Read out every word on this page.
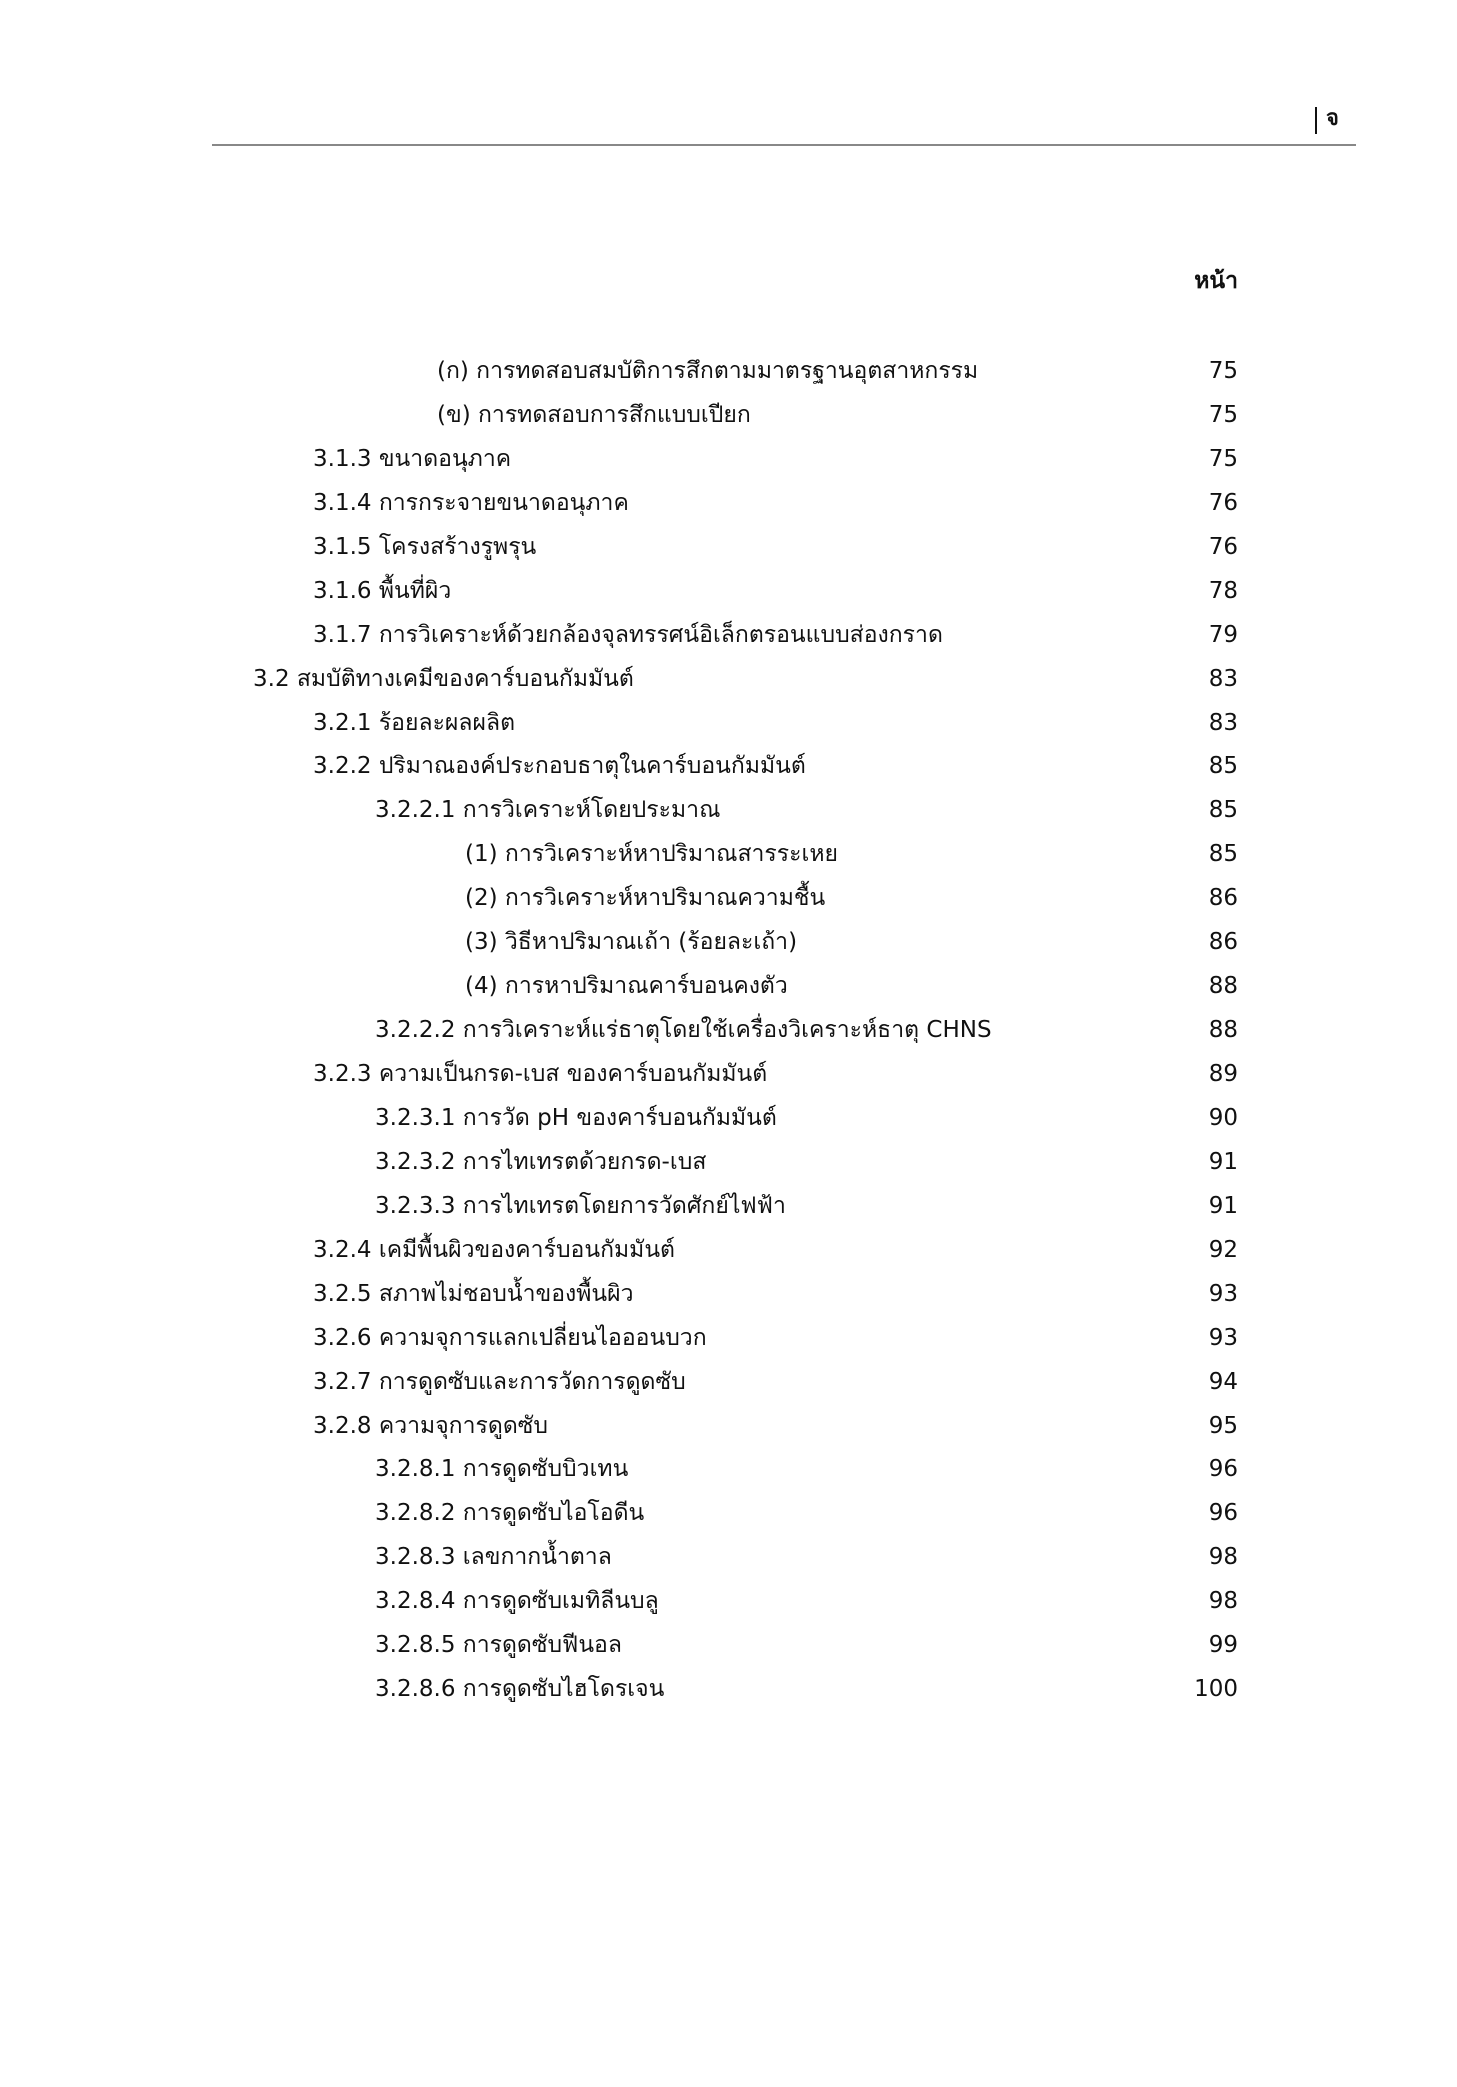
จ
หน้า
(ก) การทดสอบสมบัติการสึกตามมาตรฐานอุตสาหกรรม	75
(ข) การทดสอบการสึกแบบเปียก	75
3.1.3 ขนาดอนุภาค	75
3.1.4 การกระจายขนาดอนุภาค	76
3.1.5 โครงสร้างรูพรุน	76
3.1.6 พื้นที่ผิว	78
3.1.7 การวิเคราะห์ด้วยกล้องจุลทรรศน์อิเล็กตรอนแบบส่องกราด	79
3.2 สมบัติทางเคมีของคาร์บอนกัมมันต์	83
3.2.1 ร้อยละผลผลิต	83
3.2.2 ปริมาณองค์ประกอบธาตุในคาร์บอนกัมมันต์	85
3.2.2.1 การวิเคราะห์โดยประมาณ	85
(1) การวิเคราะห์หาปริมาณสารระเหย	85
(2) การวิเคราะห์หาปริมาณความชื้น	86
(3) วิธีหาปริมาณเถ้า (ร้อยละเถ้า)	86
(4) การหาปริมาณคาร์บอนคงตัว	88
3.2.2.2 การวิเคราะห์แร่ธาตุโดยใช้เครื่องวิเคราะห์ธาตุ CHNS	88
3.2.3 ความเป็นกรด-เบส ของคาร์บอนกัมมันต์	89
3.2.3.1 การวัด pH ของคาร์บอนกัมมันต์	90
3.2.3.2 การไทเทรตด้วยกรด-เบส	91
3.2.3.3 การไทเทรตโดยการวัดศักย์ไฟฟ้า	91
3.2.4 เคมีพื้นผิวของคาร์บอนกัมมันต์	92
3.2.5 สภาพไม่ชอบน้ำของพื้นผิว	93
3.2.6 ความจุการแลกเปลี่ยนไอออนบวก	93
3.2.7 การดูดซับและการวัดการดูดซับ	94
3.2.8 ความจุการดูดซับ	95
3.2.8.1 การดูดซับบิวเทน	96
3.2.8.2 การดูดซับไอโอดีน	96
3.2.8.3 เลขกากน้ำตาล	98
3.2.8.4 การดูดซับเมทิลีนบลู	98
3.2.8.5 การดูดซับฟีนอล	99
3.2.8.6 การดูดซับไฮโดรเจน	100
